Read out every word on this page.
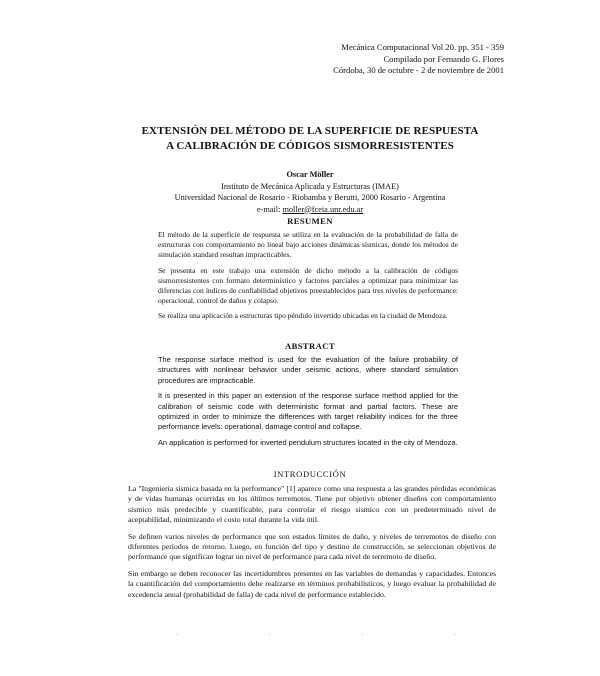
Mecánica Computacional Vol 20. pp. 351 - 359
Compilado por Fernando G. Flores
Córdoba, 30 de octubre - 2 de noviembre de 2001
EXTENSIÓN DEL MÉTODO DE LA SUPERFICIE DE RESPUESTA
A CALIBRACIÓN DE CÓDIGOS SISMORRESISTENTES
Oscar Möller
Instituto de Mecánica Aplicada y Estructuras (IMAE)
Universidad Nacional de Rosario - Riobamba y Berutti, 2000 Rosario - Argentina
e-mail: moller@fceia.unr.edu.ar
RESUMEN

El método de la superficie de respuesta se utiliza en la evaluación de la probabilidad de falla de estructuras con comportamiento no lineal bajo acciones dinámicas sísmicas, donde los métodos de simulación standard resultan impracticables.

Se presenta en este trabajo una extensión de dicho método a la calibración de códigos sismorresistentes con formato determinístico y factores parciales a optimizar para minimizar las diferencias con índices de confiabilidad objetivos preestablecidos para tres niveles de performance: operacional, control de daños y colapso.

Se realiza una aplicación a estructuras tipo péndulo invertido ubicadas en la ciudad de Mendoza.

ABSTRACT

The response surface method is used for the evaluation of the failure probability of structures with nonlinear behavior under seismic actions, where standard simulation procedures are impracticable.

It is presented in this paper an extension of the response surface method applied for the calibration of seismic code with deterministic format and partial factors. These are optimized in order to minimize the differences with target reliability indices for the three performance levels: operational, damage control and collapse.

An application is performed for inverted pendulum structures located in the city of Mendoza.

INTRODUCCIÓN

La "Ingeniería sísmica basada en la performance" [1] aparece como una respuesta a las grandes pérdidas económicas y de vidas humanas ocurridas en los últimos terremotos. Tiene por objetivo obtener diseños con comportamiento sísmico más predecible y cuantificable, para controlar el riesgo sísmico con un predeterminado nivel de aceptabilidad, minimizando el costo total durante la vida útil.

Se definen varios niveles de performance que son estados límites de daño, y niveles de terremotos de diseño con diferentes períodos de retorno. Luego, en función del tipo y destino de construcción, se seleccionan objetivos de performance que significan lograr un nivel de performance para cada nivel de terremoto de diseño.

Sin embargo se deben reconocer las incertidumbres presentes en las variables de demandas y capacidades. Entonces la cuantificación del comportamiento debe realizarse en términos probabilísticos, y luego evaluar la probabilidad de excedencia anual (probabilidad de falla) de cada nivel de performance establecido.

·	·	·	·
·
·
